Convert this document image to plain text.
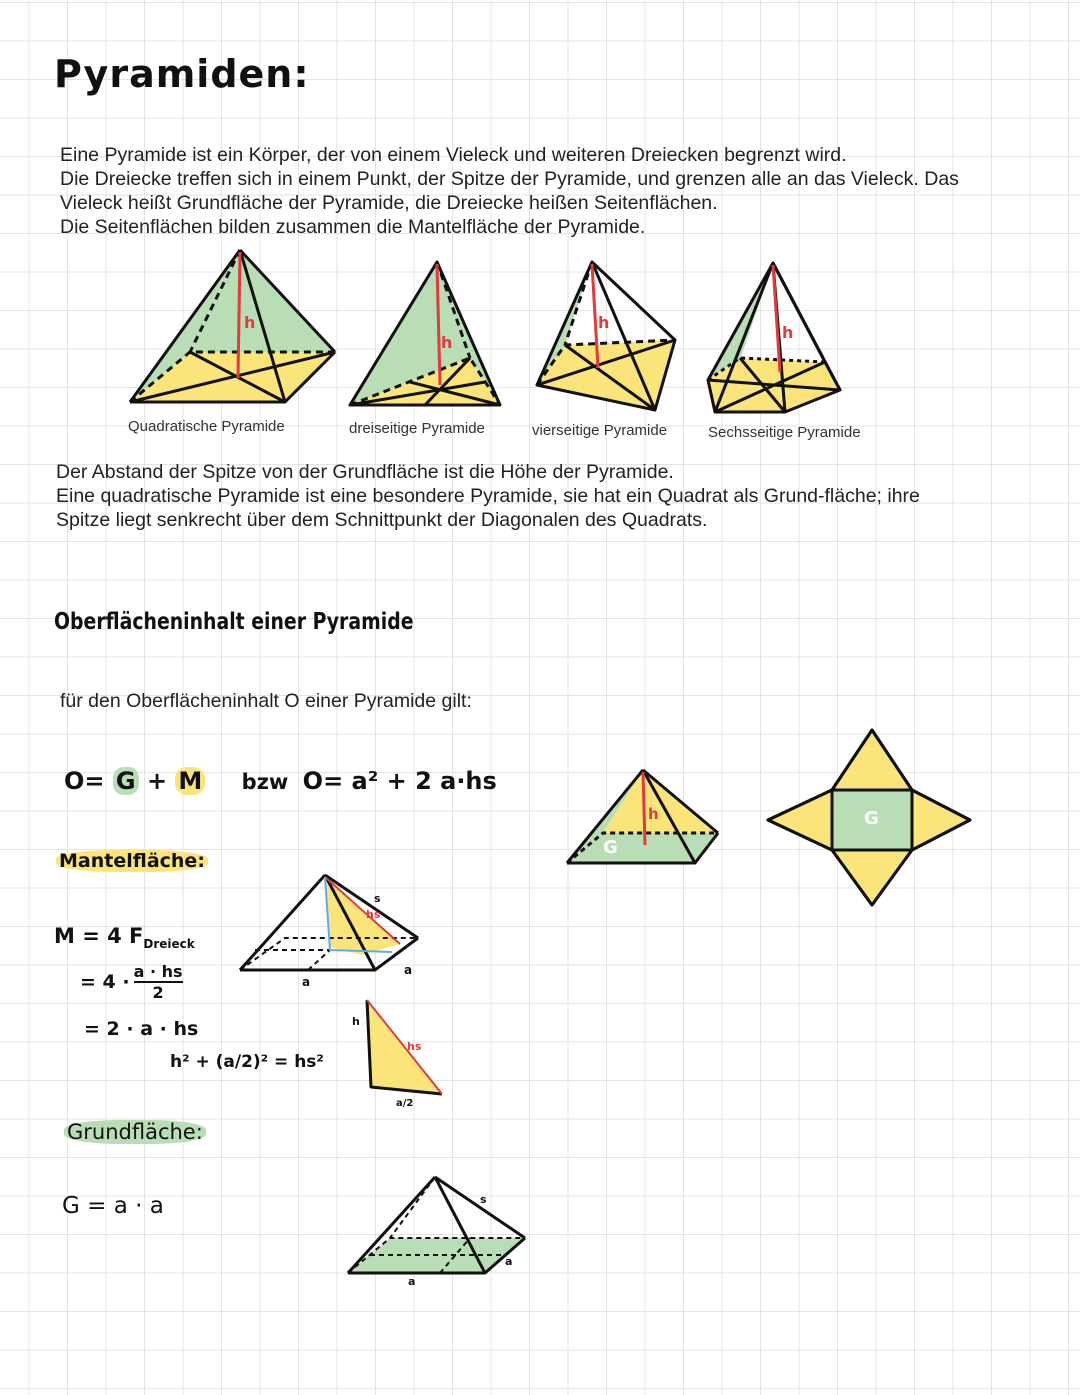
Pyramiden:
Eine Pyramide ist ein Körper, der von einem Vieleck und weiteren Dreiecken begrenzt wird.
Die Dreiecke treffen sich in einem Punkt, der Spitze der Pyramide, und grenzen alle an das Vieleck. Das
Vieleck heißt Grundfläche der Pyramide, die Dreiecke heißen Seitenflächen.
Die Seitenflächen bilden zusammen die Mantelfläche der Pyramide.
h
h
h
h
h
G
G
Quadratische Pyramide	dreiseitige Pyramide	vierseitige Pyramide	Sechsseitige Pyramide
Der Abstand der Spitze von der Grundfläche ist die Höhe der Pyramide.
Eine quadratische Pyramide ist eine besondere Pyramide, sie hat ein Quadrat als Grund-fläche; ihre
Spitze liegt senkrecht über dem Schnittpunkt der Diagonalen des Quadrats.
Oberflächeninhalt einer Pyramide
für den Oberflächeninhalt O einer Pyramide gilt:
O= G + M bzw O= a² + 2 a·hs
Mantelfläche:
M = 4 $F_{Dreieck}$
= $4 \cdot \frac{a \cdot hs}{2}$
= 2 · a · hs
h² + (a/2)² = hs²
a
a
s
hs
hs
h
a/2
Grundfläche:
G = a · a	s
a
a
